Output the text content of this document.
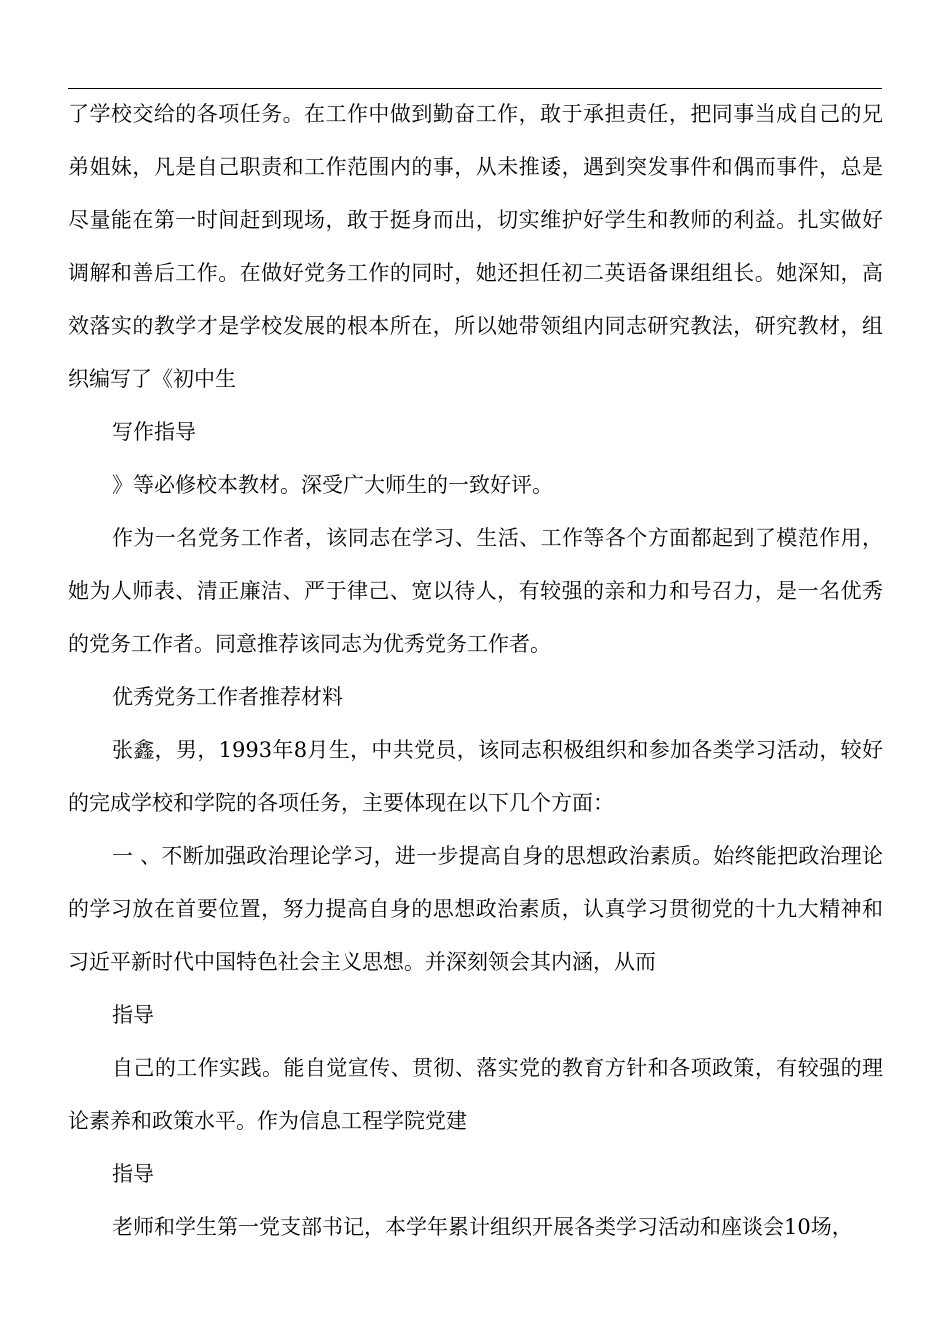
了学校交给的各项任务。在工作中做到勤奋工作，敢于承担责任，把同事当成自己的兄弟姐妹，凡是自己职责和工作范围内的事，从未推诿，遇到突发事件和偶而事件，总是尽量能在第一时间赶到现场，敢于挺身而出，切实维护好学生和教师的利益。扎实做好调解和善后工作。在做好党务工作的同时，她还担任初二英语备课组组长。她深知，高效落实的教学才是学校发展的根本所在，所以她带领组内同志研究教法，研究教材，组织编写了《初中生

写作指导

》等必修校本教材。深受广大师生的一致好评。

作为一名党务工作者，该同志在学习、生活、工作等各个方面都起到了模范作用，她为人师表、清正廉洁、严于律己、宽以待人，有较强的亲和力和号召力，是一名优秀的党务工作者。同意推荐该同志为优秀党务工作者。

优秀党务工作者推荐材料

张鑫，男，1993年8月生，中共党员，该同志积极组织和参加各类学习活动，较好的完成学校和学院的各项任务，主要体现在以下几个方面：

一 、不断加强政治理论学习，进一步提高自身的思想政治素质。始终能把政治理论的学习放在首要位置，努力提高自身的思想政治素质，认真学习贯彻党的十九大精神和习近平新时代中国特色社会主义思想。并深刻领会其内涵，从而

指导

自己的工作实践。能自觉宣传、贯彻、落实党的教育方针和各项政策，有较强的理论素养和政策水平。作为信息工程学院党建

指导

老师和学生第一党支部书记，本学年累计组织开展各类学习活动和座谈会10场，
